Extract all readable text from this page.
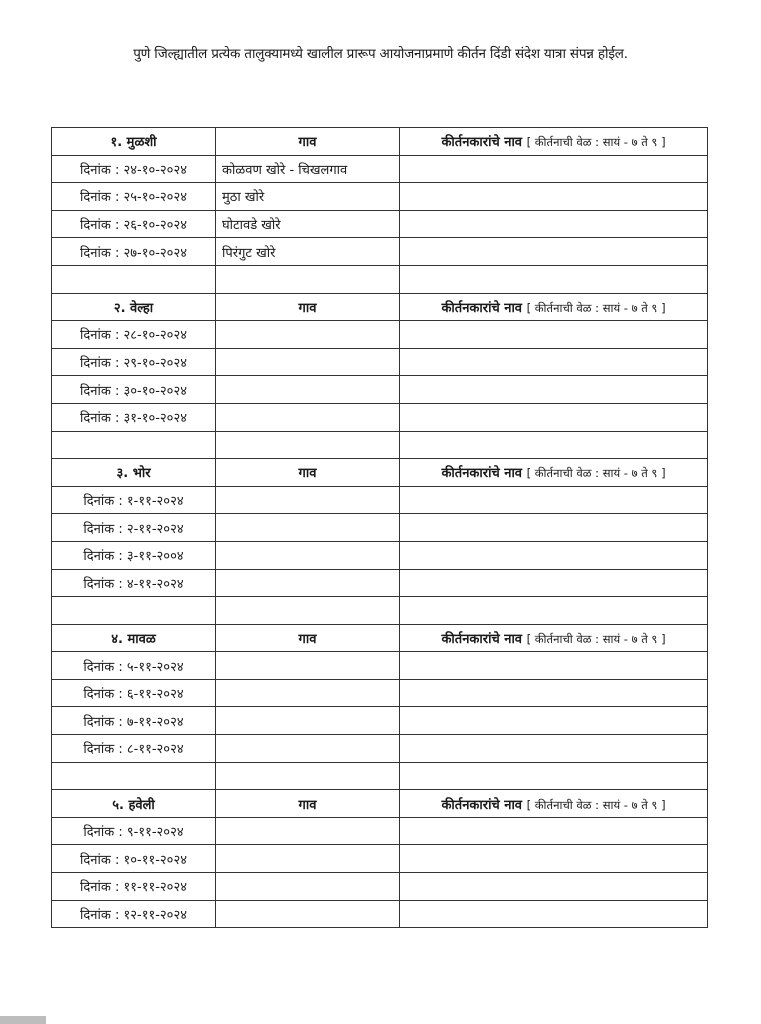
पुणे जिल्ह्यातील प्रत्येक तालुक्यामध्ये खालील प्रारूप आयोजनाप्रमाणे कीर्तन दिंडी संदेश यात्रा संपन्न होईल.
१. मुळशी	गाव	कीर्तनकारांचे नाव [ कीर्तनाची वेळ : सायं - ७ ते ९ ]
दिनांक : २४-१०-२०२४	कोळवण खोरे - चिखलगाव	
दिनांक : २५-१०-२०२४	मुठा खोरे	
दिनांक : २६-१०-२०२४	घोटावडे खोरे	
दिनांक : २७-१०-२०२४	पिरंगुट खोरे	

२. वेल्हा	गाव	कीर्तनकारांचे नाव [ कीर्तनाची वेळ : सायं - ७ ते ९ ]
दिनांक : २८-१०-२०२४		
दिनांक : २९-१०-२०२४		
दिनांक : ३०-१०-२०२४		
दिनांक : ३१-१०-२०२४		

३. भोर	गाव	कीर्तनकारांचे नाव [ कीर्तनाची वेळ : सायं - ७ ते ९ ]
दिनांक : १-११-२०२४		
दिनांक : २-११-२०२४		
दिनांक : ३-११-२००४		
दिनांक : ४-११-२०२४		

४. मावळ	गाव	कीर्तनकारांचे नाव [ कीर्तनाची वेळ : सायं - ७ ते ९ ]
दिनांक : ५-११-२०२४		
दिनांक : ६-११-२०२४		
दिनांक : ७-११-२०२४		
दिनांक : ८-११-२०२४		

५. हवेली	गाव	कीर्तनकारांचे नाव [ कीर्तनाची वेळ : सायं - ७ ते ९ ]
दिनांक : ९-११-२०२४		
दिनांक : १०-११-२०२४		
दिनांक : ११-११-२०२४		
दिनांक : १२-११-२०२४		
